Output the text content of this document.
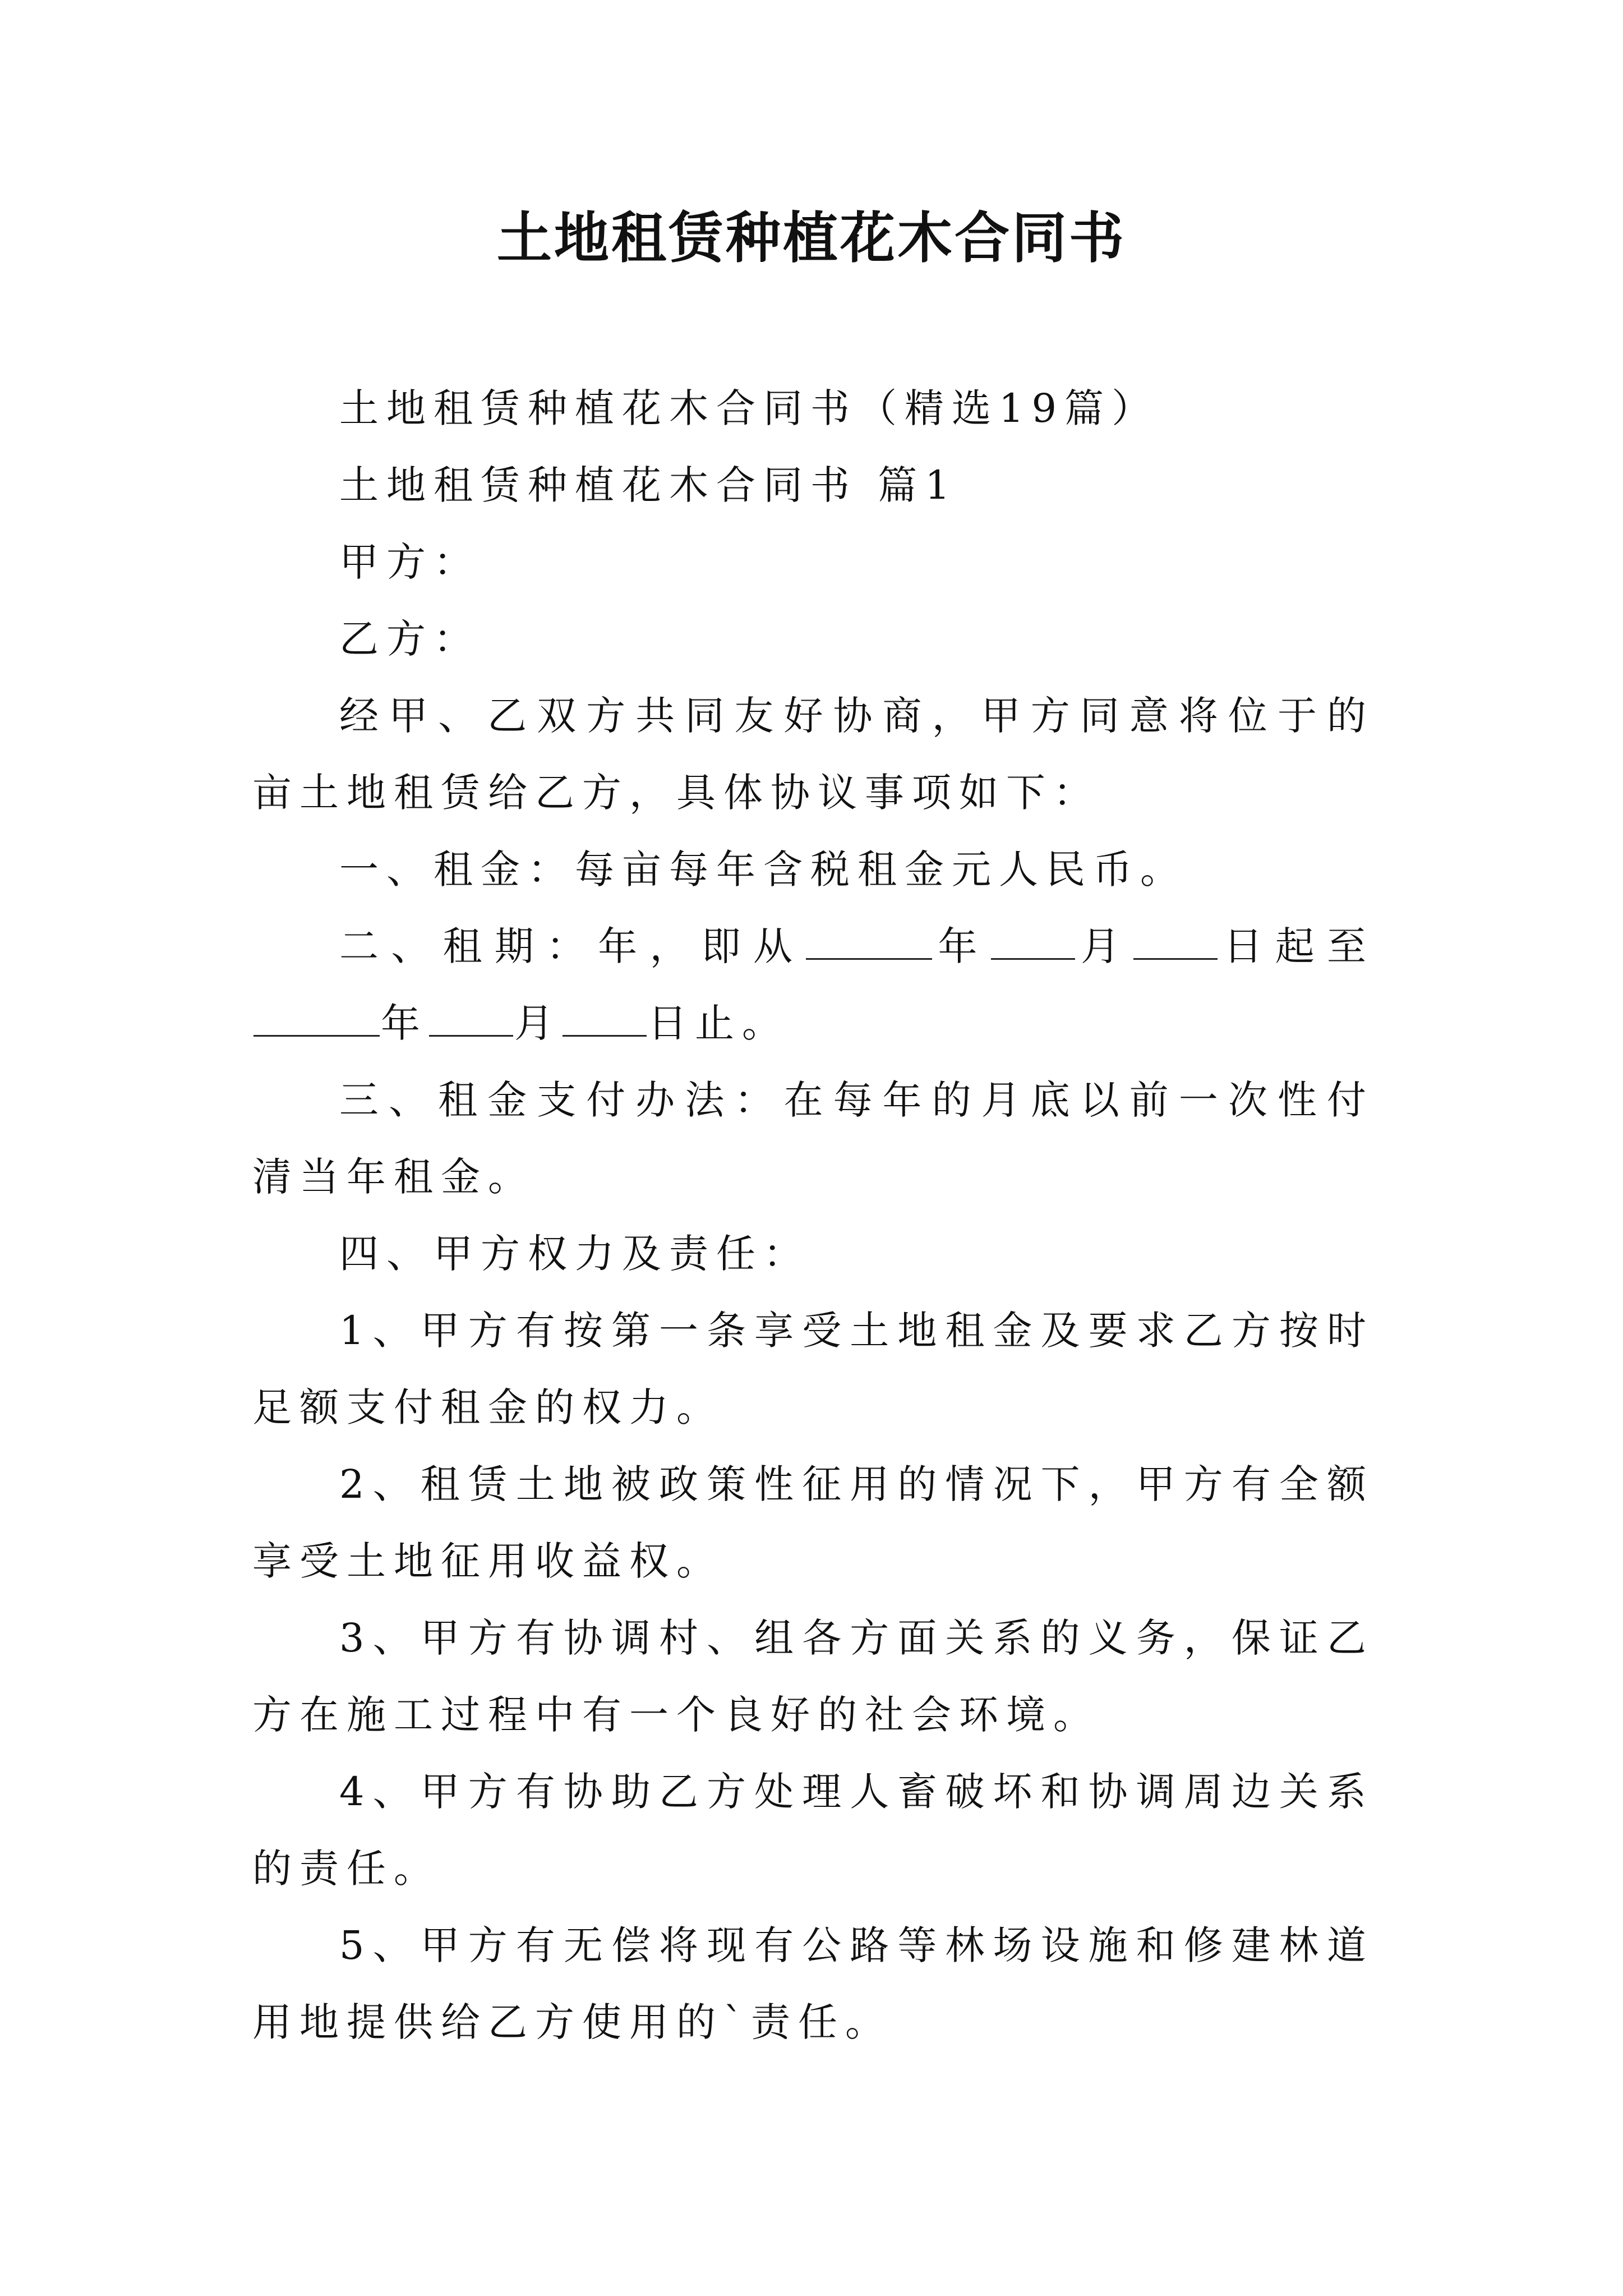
土地租赁种植花木合同书

土地租赁种植花木合同书（精选19篇）

土地租赁种植花木合同书 篇1

甲方：

乙方：

经甲、乙双方共同友好协商，甲方同意将位于的亩土地租赁给乙方，具体协议事项如下：

一、租金：每亩每年含税租金元人民币。

二、租期：年，即从	年 月 日起至年 月 日止。

三、租金支付办法：在每年的月底以前一次性付清当年租金。

四、甲方权力及责任：

1、甲方有按第一条享受土地租金及要求乙方按时足额支付租金的权力。

2、租赁土地被政策性征用的情况下，甲方有全额享受土地征用收益权。

3、甲方有协调村、组各方面关系的义务，保证乙方在施工过程中有一个良好的社会环境。

4、甲方有协助乙方处理人畜破坏和协调周边关系的责任。

5、甲方有无偿将现有公路等林场设施和修建林道用地提供给乙方使用的`责任。
